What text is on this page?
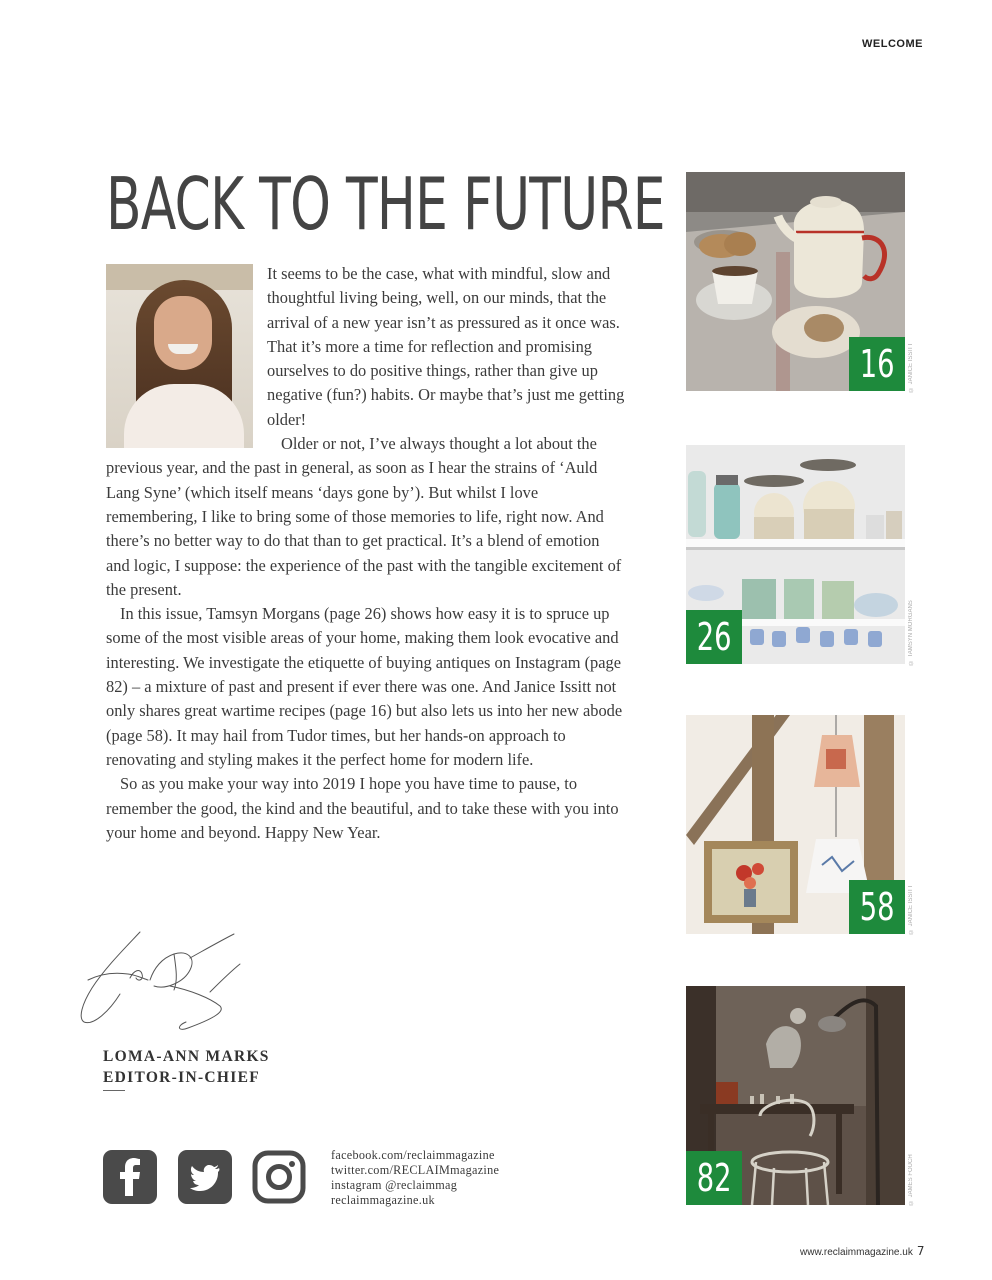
WELCOME
BACK TO THE FUTURE

It seems to be the case, what with mindful, slow and thoughtful living being, well, on our minds, that the arrival of a new year isn’t as pressured as it once was. That it’s more a time for reflection and promising ourselves to do positive things, rather than give up negative (fun?) habits. Or maybe that’s just me getting older!

Older or not, I’ve always thought a lot about the previous year, and the past in general, as soon as I hear the strains of ‘Auld Lang Syne’ (which itself means ‘days gone by’). But whilst I love remembering, I like to bring some of those memories to life, right now. And there’s no better way to do that than to get practical. It’s a blend of emotion and logic, I suppose: the experience of the past with the tangible excitement of the present.

In this issue, Tamsyn Morgans (page 26) shows how easy it is to spruce up some of the most visible areas of your home, making them look evocative and interesting. We investigate the etiquette of buying antiques on Instagram (page 82) – a mixture of past and present if ever there was one. And Janice Issitt not only shares great wartime recipes (page 16) but also lets us into her new abode (page 58). It may hail from Tudor times, but her hands-on approach to renovating and styling makes it the perfect home for modern life.

So as you make your way into 2019 I hope you have time to pause, to remember the good, the kind and the beautiful, and to take these with you into your home and beyond. Happy New Year.

LOMA-ANN MARKS
EDITOR-IN-CHIEF
facebook.com/reclaimmagazine
twitter.com/RECLAIMmagazine
instagram @reclaimmag
reclaimmagazine.uk
16	© JANICE ISSITT
26	© TAMSYN MORGANS
58	© JANICE ISSITT
82	© JAMES FOUCH
www.reclaimmagazine.uk 7
